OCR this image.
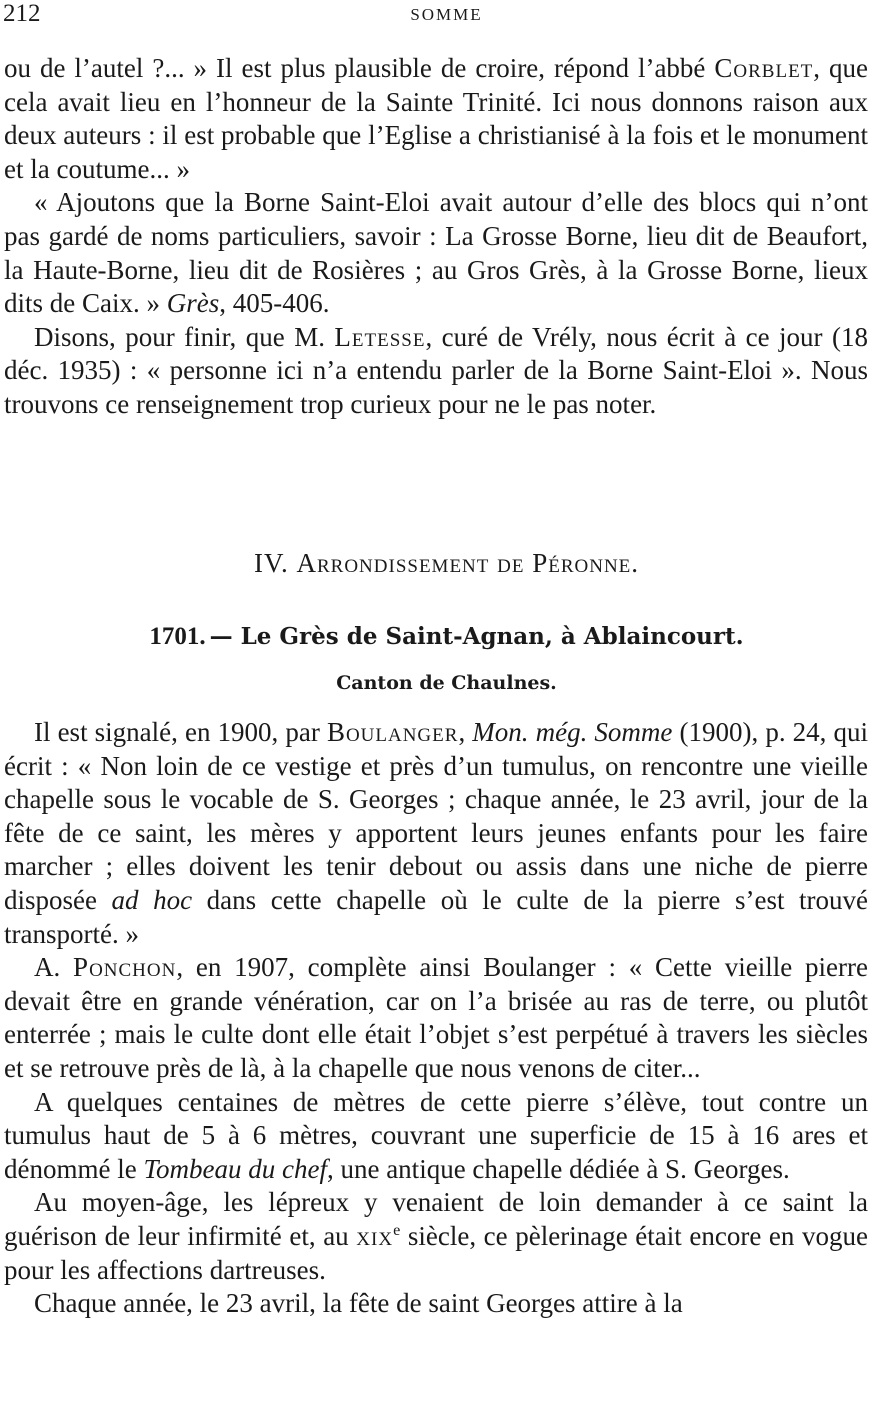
212	SOMME

ou de l’autel ?... » Il est plus plausible de croire, répond l’abbé Corblet, que cela avait lieu en l’honneur de la Sainte Trinité. Ici nous donnons raison aux deux auteurs : il est probable que l’Eglise a christianisé à la fois et le monument et la coutume... »

« Ajoutons que la Borne Saint-Eloi avait autour d’elle des blocs qui n’ont pas gardé de noms particuliers, savoir : La Grosse Borne, lieu dit de Beaufort, la Haute-Borne, lieu dit de Rosières ; au Gros Grès, à la Grosse Borne, lieux dits de Caix. » Grès, 405-406.

Disons, pour finir, que M. Letesse, curé de Vrély, nous écrit à ce jour (18 déc. 1935) : « personne ici n’a entendu parler de la Borne Saint-Eloi ». Nous trouvons ce renseignement trop curieux pour ne le pas noter.

IV. Arrondissement de Péronne.
1701. — Le Grès de Saint-Agnan, à Ablaincourt.
Canton de Chaulnes.

Il est signalé, en 1900, par Boulanger, Mon. még. Somme (1900), p. 24, qui écrit : « Non loin de ce vestige et près d’un tumulus, on rencontre une vieille chapelle sous le vocable de S. Georges ; chaque année, le 23 avril, jour de la fête de ce saint, les mères y apportent leurs jeunes enfants pour les faire marcher ; elles doivent les tenir debout ou assis dans une niche de pierre disposée ad hoc dans cette chapelle où le culte de la pierre s’est trouvé transporté. »

A. Ponchon, en 1907, complète ainsi Boulanger : « Cette vieille pierre devait être en grande vénération, car on l’a brisée au ras de terre, ou plutôt enterrée ; mais le culte dont elle était l’objet s’est perpétué à travers les siècles et se retrouve près de là, à la chapelle que nous venons de citer...

A quelques centaines de mètres de cette pierre s’élève, tout contre un tumulus haut de 5 à 6 mètres, couvrant une superficie de 15 à 16 ares et dénommé le Tombeau du chef, une antique chapelle dédiée à S. Georges.

Au moyen-âge, les lépreux y venaient de loin demander à ce saint la guérison de leur infirmité et, au xix$^e$ siècle, ce pèlerinage était encore en vogue pour les affections dartreuses.

Chaque année, le 23 avril, la fête de saint Georges attire à la
